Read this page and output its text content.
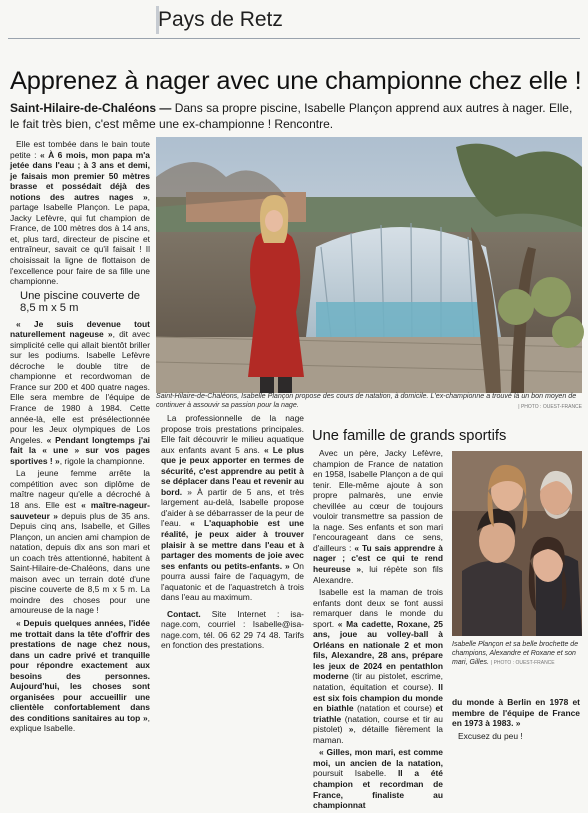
Pays de Retz
Apprenez à nager avec une championne chez elle !
Saint-Hilaire-de-Chaléons — Dans sa propre piscine, Isabelle Plançon apprend aux autres à nager. Elle, le fait très bien, c'est même une ex-championne ! Rencontre.

Elle est tombée dans le bain toute petite : « À 6 mois, mon papa m'a jetée dans l'eau ; à 3 ans et demi, je faisais mon premier 50 mètres brasse et possédait déjà des notions des autres nages », partage Isabelle Plançon. Le papa, Jacky Lefèvre, qui fut champion de France, de 100 mètres dos à 14 ans, et, plus tard, directeur de piscine et entraîneur, savait ce qu'il faisait ! Il choisissait la ligne de flottaison de l'excellence pour faire de sa fille une championne.

Une piscine couverte de 8,5 m x 5 m

« Je suis devenue tout naturellement nageuse », dit avec simplicité celle qui allait bientôt briller sur les podiums. Isabelle Lefèvre décroche le double titre de championne et recordwoman de France sur 200 et 400 quatre nages. Elle sera membre de l'équipe de France de 1980 à 1984. Cette année-là, elle est présélectionnée pour les Jeux olympiques de Los Angeles. « Pendant longtemps j'ai fait la « une » sur vos pages sportives ! », rigole la championne.

La jeune femme arrête la compétition avec son diplôme de maître nageur qu'elle a décroché à 18 ans. Elle est « maître-nageur-sauveteur » depuis plus de 35 ans. Depuis cinq ans, Isabelle, et Gilles Plançon, un ancien ami champion de natation, depuis dix ans son mari et un coach très attentionné, habitent à Saint-Hilaire-de-Chaléons, dans une maison avec un terrain doté d'une piscine couverte de 8,5 m x 5 m. La moindre des choses pour une amoureuse de la nage !

« Depuis quelques années, l'idée me trottait dans la tête d'offrir des prestations de nage chez nous, dans un cadre privé et tranquille pour répondre exactement aux besoins des personnes. Aujourd'hui, les choses sont organisées pour accueillir une clientèle confortablement dans des conditions sanitaires au top », explique Isabelle.

Saint-Hilaire-de-Chaléons, Isabelle Plançon propose des cours de natation, à domicile. L'ex-championne a trouvé là un bon moyen de continuer à assouvir sa passion pour la nage.	| PHOTO : OUEST-FRANCE

La professionnelle de la nage propose trois prestations principales. Elle fait découvrir le milieu aquatique aux enfants avant 5 ans. « Le plus que je peux apporter en termes de sécurité, c'est apprendre au petit à se déplacer dans l'eau et revenir au bord. » À partir de 5 ans, et très largement au-delà, Isabelle propose d'aider à se débarrasser de la peur de l'eau. « L'aquaphobie est une réalité, je peux aider à trouver plaisir à se mettre dans l'eau et à partager des moments de joie avec ses enfants ou petits-enfants. » On pourra aussi faire de l'aquagym, de l'aquatonic et de l'aquastretch à trois dans l'eau au maximum.

Contact. Site Internet : isa-nage.com, courriel : Isabelle@isa-nage.com, tél. 06 62 29 74 48. Tarifs en fonction des prestations.

Une famille de grands sportifs

Avec un père, Jacky Lefèvre, champion de France de natation en 1958, Isabelle Plançon a de qui tenir. Elle-même ajoute à son propre palmarès, une envie chevillée au cœur de toujours vouloir transmettre sa passion de la nage. Ses enfants et son mari l'encourageant dans ce sens, d'ailleurs : « Tu sais apprendre à nager ; c'est ce qui te rend heureuse », lui répète son fils Alexandre.

Isabelle est la maman de trois enfants dont deux se font aussi remarquer dans le monde du sport. « Ma cadette, Roxane, 25 ans, joue au volley-ball à Orléans en nationale 2 et mon fils, Alexandre, 28 ans, prépare les jeux de 2024 en pentathlon moderne (tir au pistolet, escrime, natation, équitation et course). Il est six fois champion du monde en biathle (natation et course) et triathle (natation, course et tir au pistolet) », détaille fièrement la maman.

« Gilles, mon mari, est comme moi, un ancien de la natation, poursuit Isabelle. Il a été champion et recordman de France, finaliste au championnat

Isabelle Plançon et sa belle brochette de champions, Alexandre et Roxane et son mari, Gilles. | PHOTO : OUEST-FRANCE

du monde à Berlin en 1978 et membre de l'équipe de France en 1973 à 1983. »

Excusez du peu !
